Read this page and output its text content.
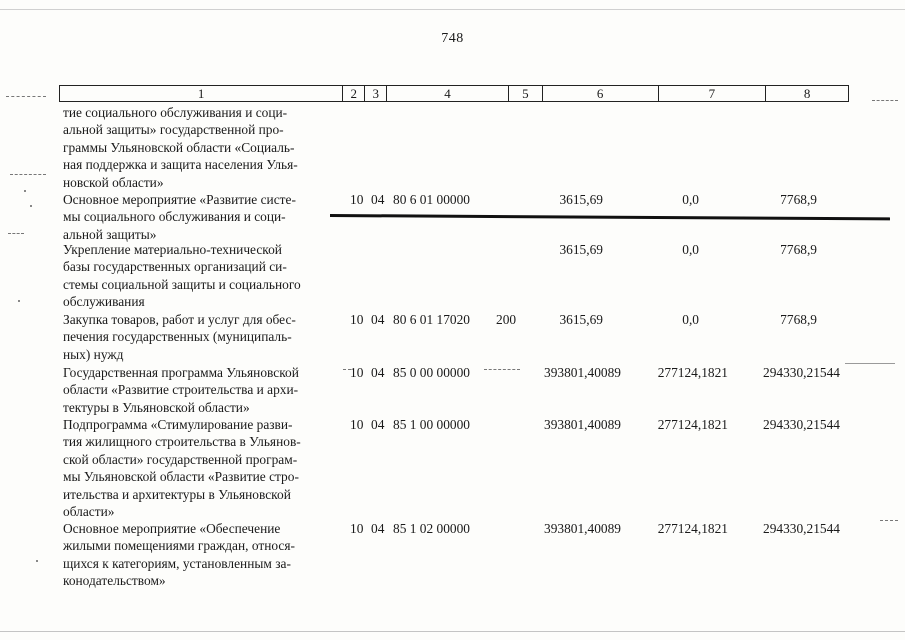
748
1	2	3	4	5	6	7	8
тие социального обслуживания и соци-
альной защиты» государственной про-
граммы Ульяновской области «Социаль-
ная поддержка и защита населения Улья-
новской области»
Основное мероприятие «Развитие систе-
мы социального обслуживания и соци-
альной защиты»
10 04 80 6 01 00000	3615,69	0,0	7768,9
Укрепление материально-технической
базы государственных организаций си-
стемы социальной защиты и социального
обслуживания
3615,69	0,0	7768,9
Закупка товаров, работ и услуг для обес-
печения государственных (муниципаль-
ных) нужд
10 04 80 6 01 17020 200	3615,69	0,0	7768,9
Государственная программа Ульяновской
области «Развитие строительства и архи-
тектуры в Ульяновской области»
10 04 85 0 00 00000	393801,40089	277124,1821	294330,21544
Подпрограмма «Стимулирование разви-
тия жилищного строительства в Ульянов-
ской области» государственной програм-
мы Ульяновской области «Развитие стро-
ительства и архитектуры в Ульяновской
области»
10 04 85 1 00 00000	393801,40089	277124,1821	294330,21544
Основное мероприятие «Обеспечение
жилыми помещениями граждан, относя-
щихся к категориям, установленным за-
конодательством»
10 04 85 1 02 00000	393801,40089	277124,1821	294330,21544
